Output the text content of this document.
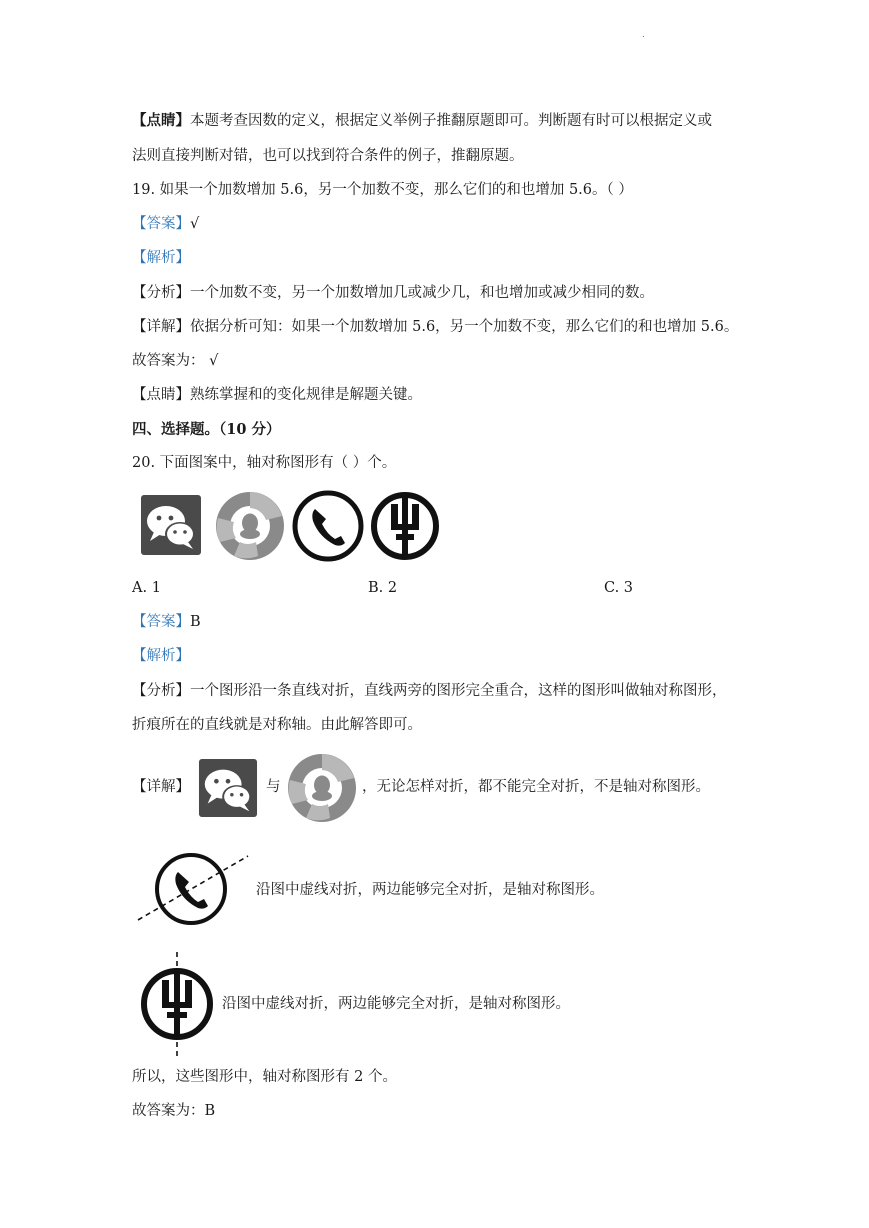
.
【点睛】本题考查因数的定义，根据定义举例子推翻原题即可。判断题有时可以根据定义或
法则直接判断对错，也可以找到符合条件的例子，推翻原题。
19. 如果一个加数增加 5.6，另一个加数不变，那么它们的和也增加 5.6。（ ）
【答案】√
【解析】
【分析】一个加数不变，另一个加数增加几或减少几，和也增加或减少相同的数。
【详解】依据分析可知：如果一个加数增加 5.6，另一个加数不变，那么它们的和也增加 5.6。
故答案为： √
【点睛】熟练掌握和的变化规律是解题关键。
四、选择题。（10 分）
20. 下面图案中，轴对称图形有（ ）个。
A. 1	B. 2	C. 3
【答案】B
【解析】
【分析】一个图形沿一条直线对折，直线两旁的图形完全重合，这样的图形叫做轴对称图形，
折痕所在的直线就是对称轴。由此解答即可。
【详解】	与	，无论怎样对折，都不能完全对折，不是轴对称图形。
沿图中虚线对折，两边能够完全对折，是轴对称图形。
沿图中虚线对折，两边能够完全对折，是轴对称图形。
所以，这些图形中，轴对称图形有 2 个。
故答案为：B
